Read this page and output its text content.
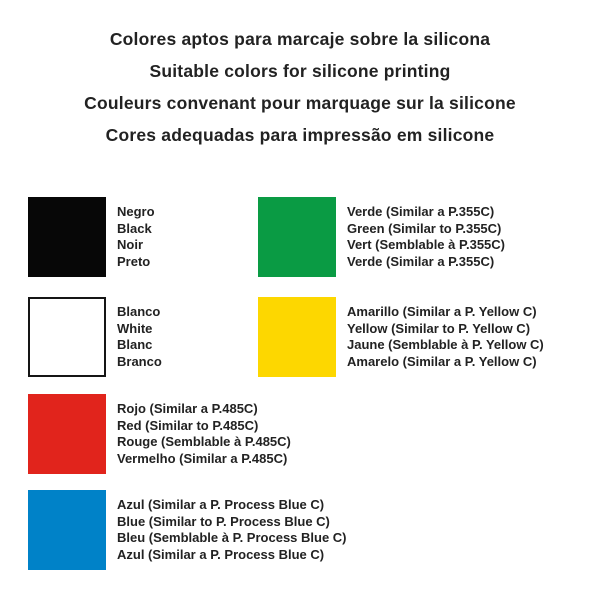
Colores aptos para marcaje sobre la silicona
Suitable colors for silicone printing
Couleurs convenant pour marquage sur la silicone
Cores adequadas para impressão em silicone
Negro
Black
Noir
Preto
Verde (Similar a P.355C)
Green (Similar to P.355C)
Vert (Semblable à P.355C)
Verde (Similar a P.355C)
Blanco
White
Blanc
Branco
Amarillo (Similar a P. Yellow C)
Yellow (Similar to P. Yellow C)
Jaune (Semblable à P. Yellow C)
Amarelo (Similar a P. Yellow C)
Rojo (Similar a P.485C)
Red (Similar to P.485C)
Rouge (Semblable à P.485C)
Vermelho (Similar a P.485C)
Azul (Similar a P. Process Blue C)
Blue (Similar to P. Process Blue C)
Bleu (Semblable à P. Process Blue C)
Azul (Similar a P. Process Blue C)
